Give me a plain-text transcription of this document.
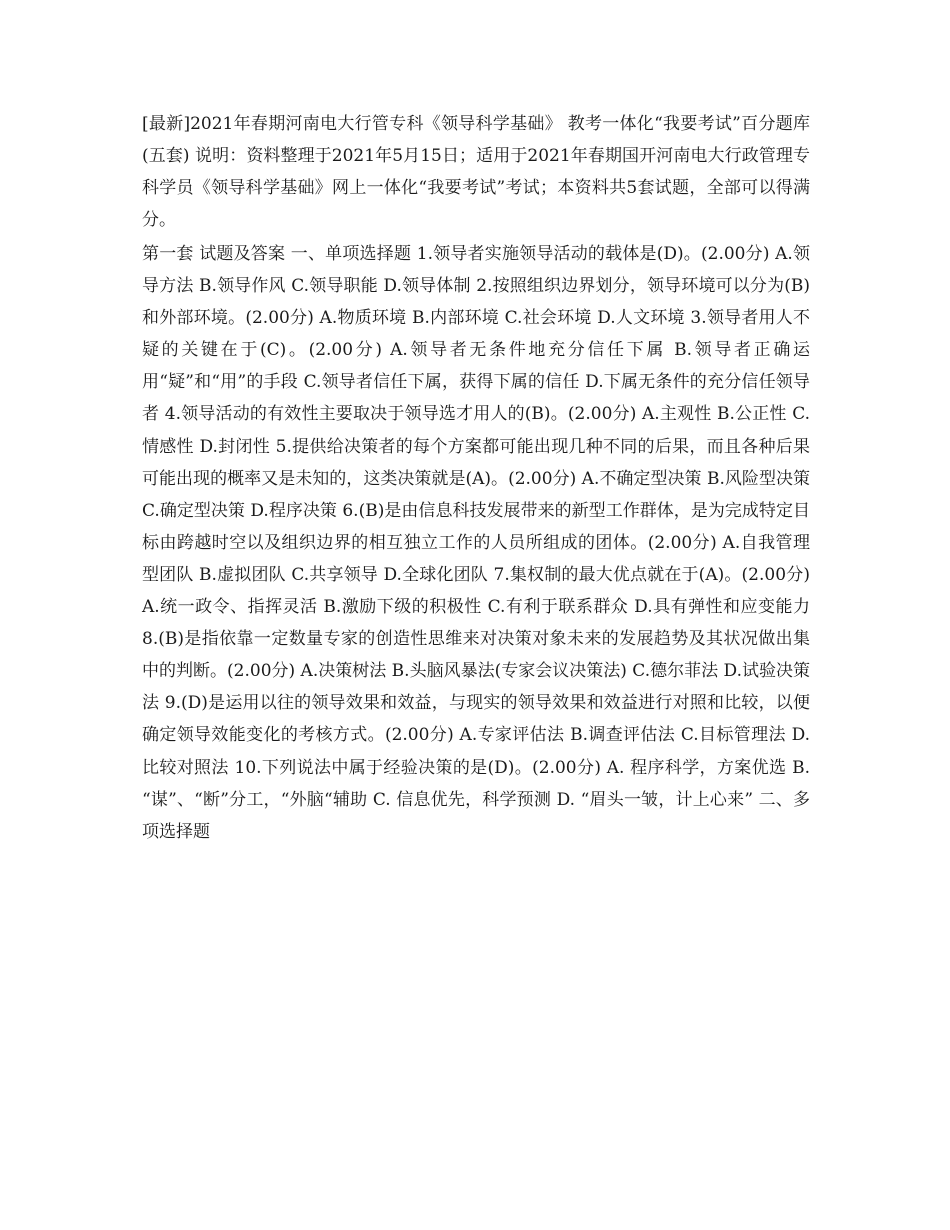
[最新]2021年春期河南电大行管专科《领导科学基础》 教考一体化“我要考试”百分题库(五套) 说明：资料整理于2021年5月15日；适用于2021年春期国开河南电大行政管理专科学员《领导科学基础》网上一体化“我要考试”考试；本资料共5套试题，全部可以得满分。

第一套 试题及答案 一、单项选择题 1.领导者实施领导活动的载体是(D)。(2.00分) A.领导方法 B.领导作风 C.领导职能 D.领导体制 2.按照组织边界划分，领导环境可以分为(B)和外部环境。(2.00分) A.物质环境 B.内部环境 C.社会环境 D.人文环境 3.领导者用人不疑的关键在于(C)。(2.00分) A.领导者无条件地充分信任下属 B.领导者正确运用“疑”和“用”的手段 C.领导者信任下属，获得下属的信任 D.下属无条件的充分信任领导者 4.领导活动的有效性主要取决于领导选才用人的(B)。(2.00分) A.主观性 B.公正性 C.情感性 D.封闭性 5.提供给决策者的每个方案都可能出现几种不同的后果，而且各种后果可能出现的概率又是未知的，这类决策就是(A)。(2.00分) A.不确定型决策 B.风险型决策 C.确定型决策 D.程序决策 6.(B)是由信息科技发展带来的新型工作群体，是为完成特定目标由跨越时空以及组织边界的相互独立工作的人员所组成的团体。(2.00分) A.自我管理型团队 B.虚拟团队 C.共享领导 D.全球化团队 7.集权制的最大优点就在于(A)。(2.00分) A.统一政令、指挥灵活 B.激励下级的积极性 C.有利于联系群众 D.具有弹性和应变能力 8.(B)是指依靠一定数量专家的创造性思维来对决策对象未来的发展趋势及其状况做出集中的判断。(2.00分) A.决策树法 B.头脑风暴法(专家会议决策法) C.德尔菲法 D.试验决策法 9.(D)是运用以往的领导效果和效益，与现实的领导效果和效益进行对照和比较，以便确定领导效能变化的考核方式。(2.00分) A.专家评估法 B.调查评估法 C.目标管理法 D.比较对照法 10.下列说法中属于经验决策的是(D)。(2.00分) A. 程序科学，方案优选 B. “谋”、“断”分工，“外脑“辅助 C. 信息优先，科学预测 D. “眉头一皱，计上心来” 二、多项选择题
